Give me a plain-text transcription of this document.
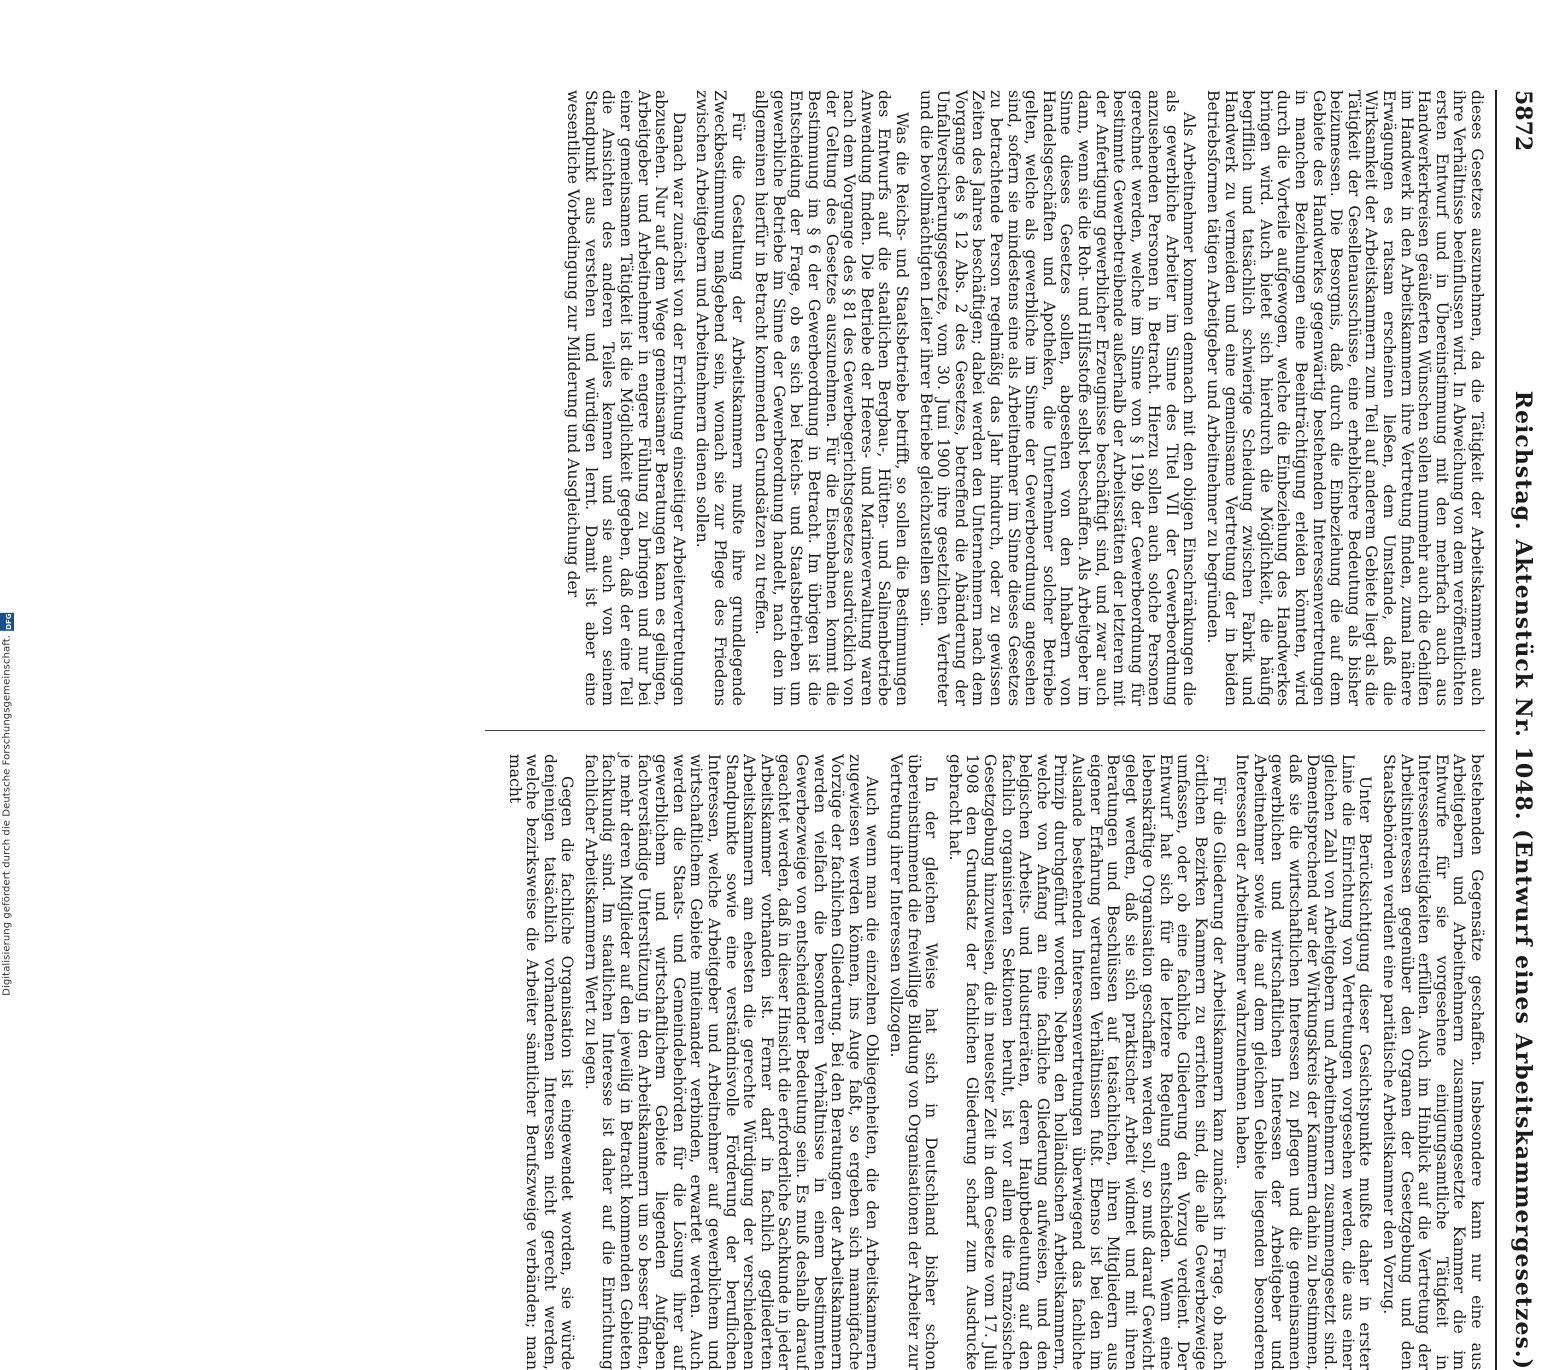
5872
Reichstag. Aktenstück Nr. 1048. (Entwurf eines Arbeitskammergesetzes.)

dieses Gesetzes auszunehmen, da die Tätigkeit der Arbeitskammern auch ihre Verhältnisse beeinflussen wird. In Abweichung von dem veröffentlichten ersten Entwurf und in Übereinstimmung mit den mehrfach auch aus Handwerkerkreisen geäußerten Wünschen sollen nunmehr auch die Gehilfen im Handwerk in den Arbeitskammern ihre Vertretung finden, zumal nähere Erwägungen es ratsam erscheinen ließen, dem Umstande, daß die Wirksamkeit der Arbeitskammern zum Teil auf anderem Gebiete liegt als die Tätigkeit der Gesellenausschüsse, eine erheblichere Bedeutung als bisher beizumessen. Die Besorgnis, daß durch die Einbeziehung die auf dem Gebiete des Handwerkes gegenwärtig bestehenden Interessenvertretungen in manchen Beziehungen eine Beeinträchtigung erleiden könnten, wird durch die Vorteile aufgewogen, welche die Einbeziehung des Handwerkes bringen wird. Auch bietet sich hierdurch die Möglichkeit, die häufig begrifflich und tatsächlich schwierige Scheidung zwischen Fabrik und Handwerk zu vermeiden und eine gemeinsame Vertretung der in beiden Betriebsformen tätigen Arbeitgeber und Arbeitnehmer zu begründen.

Als Arbeitnehmer kommen demnach mit den obigen Einschränkungen die als gewerbliche Arbeiter im Sinne des Titel VII der Gewerbeordnung anzusehenden Personen in Betracht. Hierzu sollen auch solche Personen gerechnet werden, welche im Sinne von § 119b der Gewerbeordnung für bestimmte Gewerbetreibende außerhalb der Arbeitsstätten der letzteren mit der Anfertigung gewerblicher Erzeugnisse beschäftigt sind, und zwar auch dann, wenn sie die Roh- und Hilfsstoffe selbst beschaffen. Als Arbeitgeber im Sinne dieses Gesetzes sollen, abgesehen von den Inhabern von Handelsgeschäften und Apotheken, die Unternehmer solcher Betriebe gelten, welche als gewerbliche im Sinne der Gewerbeordnung angesehen sind, sofern sie mindestens eine als Arbeitnehmer im Sinne dieses Gesetzes zu betrachtende Person regelmäßig das Jahr hindurch, oder zu gewissen Zeiten des Jahres beschäftigen; dabei werden den Unternehmern nach dem Vorgange des § 12 Abs. 2 des Gesetzes, betreffend die Abänderung der Unfallversicherungsgesetze, vom 30. Juni 1900 ihre gesetzlichen Vertreter und die bevollmächtigten Leiter ihrer Betriebe gleichzustellen sein.

Was die Reichs- und Staatsbetriebe betrifft, so sollen die Bestimmungen des Entwurfs auf die staatlichen Bergbau-, Hütten- und Salinenbetriebe Anwendung finden. Die Betriebe der Heeres- und Marineverwaltung waren nach dem Vorgange des § 81 des Gewerbegerichtsgesetzes ausdrücklich von der Geltung des Gesetzes auszunehmen. Für die Eisenbahnen kommt die Bestimmung im § 6 der Gewerbeordnung in Betracht. Im übrigen ist die Entscheidung der Frage, ob es sich bei Reichs- und Staatsbetrieben um gewerbliche Betriebe im Sinne der Gewerbeordnung handelt, nach den im allgemeinen hierfür in Betracht kommenden Grundsätzen zu treffen.

Für die Gestaltung der Arbeitskammern mußte ihre grundlegende Zweckbestimmung maßgebend sein, wonach sie zur Pflege des Friedens zwischen Arbeitgebern und Arbeitnehmern dienen sollen.

Danach war zunächst von der Errichtung einseitiger Arbeitervertretungen abzusehen. Nur auf dem Wege gemeinsamer Beratungen kann es gelingen, Arbeitgeber und Arbeitnehmer in engere Fühlung zu bringen und nur bei einer gemeinsamen Tätigkeit ist die Möglichkeit gegeben, daß der eine Teil die Ansichten des anderen Teiles kennen und sie auch von seinem Standpunkt aus verstehen und würdigen lernt. Damit ist aber eine wesentliche Vorbedingung zur Milderung und Ausgleichung der

bestehenden Gegensätze geschaffen. Insbesondere kann nur eine aus Arbeitgebern und Arbeitnehmern zusammengesetzte Kammer die im Entwurfe für sie vorgesehene einigungsamtliche Tätigkeit in Interessenstreitigkeiten erfüllen. Auch im Hinblick auf die Vertretung der Arbeitsinteressen gegenüber den Organen der Gesetzgebung und den Staatsbehörden verdient eine paritätische Arbeitskammer den Vorzug.

Unter Berücksichtigung dieser Gesichtspunkte mußte daher in erster Linie die Einrichtung von Vertretungen vorgesehen werden, die aus einer gleichen Zahl von Arbeitgebern und Arbeitnehmern zusammengesetzt sind. Dementsprechend war der Wirkungskreis der Kammern dahin zu bestimmen, daß sie die wirtschaftlichen Interessen zu pflegen und die gemeinsamen gewerblichen und wirtschaftlichen Interessen der Arbeitgeber und Arbeitnehmer sowie die auf dem gleichen Gebiete liegenden besonderen Interessen der Arbeitnehmer wahrzunehmen haben.

Für die Gliederung der Arbeitskammern kam zunächst in Frage, ob nach örtlichen Bezirken Kammern zu errichten sind, die alle Gewerbezweige umfassen, oder ob eine fachliche Gliederung den Vorzug verdient. Der Entwurf hat sich für die letztere Regelung entschieden. Wenn eine lebenskräftige Organisation geschaffen werden soll, so muß darauf Gewicht gelegt werden, daß sie sich praktischer Arbeit widmet und mit ihren Beratungen und Beschlüssen auf tatsächlichen, ihren Mitgliedern aus eigener Erfahrung vertrauten Verhältnissen fußt. Ebenso ist bei den im Auslande bestehenden Interessenvertretungen überwiegend das fachliche Prinzip durchgeführt worden. Neben den holländischen Arbeitskammern, welche von Anfang an eine fachliche Gliederung aufweisen, und den belgischen Arbeits- und Industrieräten, deren Hauptbedeutung auf den fachlich organisierten Sektionen beruht, ist vor allem die französische Gesetzgebung hinzuweisen, die in neuester Zeit in dem Gesetze vom 17. Juli 1908 den Grundsatz der fachlichen Gliederung scharf zum Ausdrucke gebracht hat.

In der gleichen Weise hat sich in Deutschland bisher schon übereinstimmend die freiwillige Bildung von Organisationen der Arbeiter zur Vertretung ihrer Interessen vollzogen.

Auch wenn man die einzelnen Obliegenheiten, die den Arbeitskammern zugewiesen werden können, ins Auge faßt, so ergeben sich mannigfache Vorzüge der fachlichen Gliederung. Bei den Beratungen der Arbeitskammern werden vielfach die besonderen Verhältnisse in einem bestimmten Gewerbezweige von entscheidender Bedeutung sein. Es muß deshalb darauf geachtet werden, daß in dieser Hinsicht die erforderliche Sachkunde in jeder Arbeitskammer vorhanden ist. Ferner darf in fachlich gegliederten Arbeitskammern am ehesten die gerechte Würdigung der verschiedenen Standpunkte sowie eine verständnisvolle Förderung der beruflichen Interessen, welche Arbeitgeber und Arbeitnehmer auf gewerblichem und wirtschaftlichem Gebiete miteinander verbinden, erwartet werden. Auch werden die Staats- und Gemeindebehörden für die Lösung ihrer auf gewerblichem und wirtschaftlichem Gebiete liegenden Aufgaben fachverständige Unterstützung in den Arbeitskammern um so besser finden, je mehr deren Mitglieder auf den jeweilig in Betracht kommenden Gebieten fachkundig sind. Im staatlichen Interesse ist daher auf die Einrichtung fachlicher Arbeitskammern Wert zu legen.

Gegen die fachliche Organisation ist eingewendet worden, sie würde denjenigen tatsächlich vorhandenen Interessen nicht gerecht werden, welche bezirksweise die Arbeiter sämtlicher Berufszweige verbänden; man macht

Digitalisierung gefördert durch die Deutsche Forschungsgemeinschaft.
DFG
